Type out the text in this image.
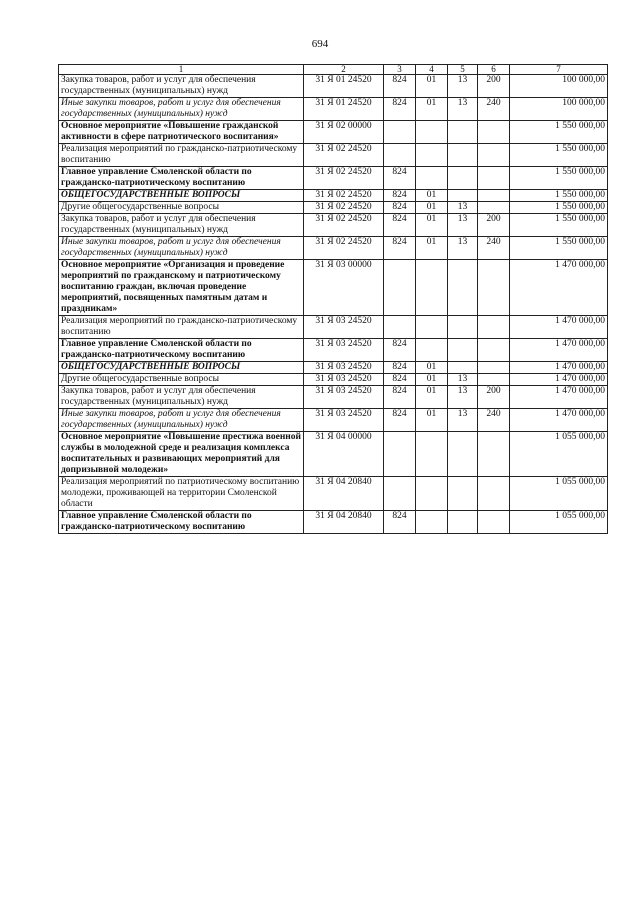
694
1	2	3	4	5	6	7
Закупка товаров, работ и услуг для обеспечения государственных (муниципальных) нужд	31 Я 01 24520	824	01	13	200	100 000,00
Иные закупки товаров, работ и услуг для обеспечения государственных (муниципальных) нужд	31 Я 01 24520	824	01	13	240	100 000,00
Основное мероприятие «Повышение гражданской активности в сфере патриотического воспитания»	31 Я 02 00000					1 550 000,00
Реализация мероприятий по гражданско-патриотическому воспитанию	31 Я 02 24520					1 550 000,00
Главное управление Смоленской области по гражданско-патриотическому воспитанию	31 Я 02 24520	824				1 550 000,00
ОБЩЕГОСУДАРСТВЕННЫЕ ВОПРОСЫ	31 Я 02 24520	824	01			1 550 000,00
Другие общегосударственные вопросы	31 Я 02 24520	824	01	13		1 550 000,00
Закупка товаров, работ и услуг для обеспечения государственных (муниципальных) нужд	31 Я 02 24520	824	01	13	200	1 550 000,00
Иные закупки товаров, работ и услуг для обеспечения государственных (муниципальных) нужд	31 Я 02 24520	824	01	13	240	1 550 000,00
Основное мероприятие «Организация и проведение мероприятий по гражданскому и патриотическому воспитанию граждан, включая проведение мероприятий, посвященных памятным датам и праздникам»	31 Я 03 00000					1 470 000,00
Реализация мероприятий по гражданско-патриотическому воспитанию	31 Я 03 24520					1 470 000,00
Главное управление Смоленской области по гражданско-патриотическому воспитанию	31 Я 03 24520	824				1 470 000,00
ОБЩЕГОСУДАРСТВЕННЫЕ ВОПРОСЫ	31 Я 03 24520	824	01			1 470 000,00
Другие общегосударственные вопросы	31 Я 03 24520	824	01	13		1 470 000,00
Закупка товаров, работ и услуг для обеспечения государственных (муниципальных) нужд	31 Я 03 24520	824	01	13	200	1 470 000,00
Иные закупки товаров, работ и услуг для обеспечения государственных (муниципальных) нужд	31 Я 03 24520	824	01	13	240	1 470 000,00
Основное мероприятие «Повышение престижа военной службы в молодежной среде и реализация комплекса воспитательных и развивающих мероприятий для допризывной молодежи»	31 Я 04 00000					1 055 000,00
Реализация мероприятий по патриотическому воспитанию молодежи, проживающей на территории Смоленской области	31 Я 04 20840					1 055 000,00
Главное управление Смоленской области по гражданско-патриотическому воспитанию	31 Я 04 20840	824				1 055 000,00
